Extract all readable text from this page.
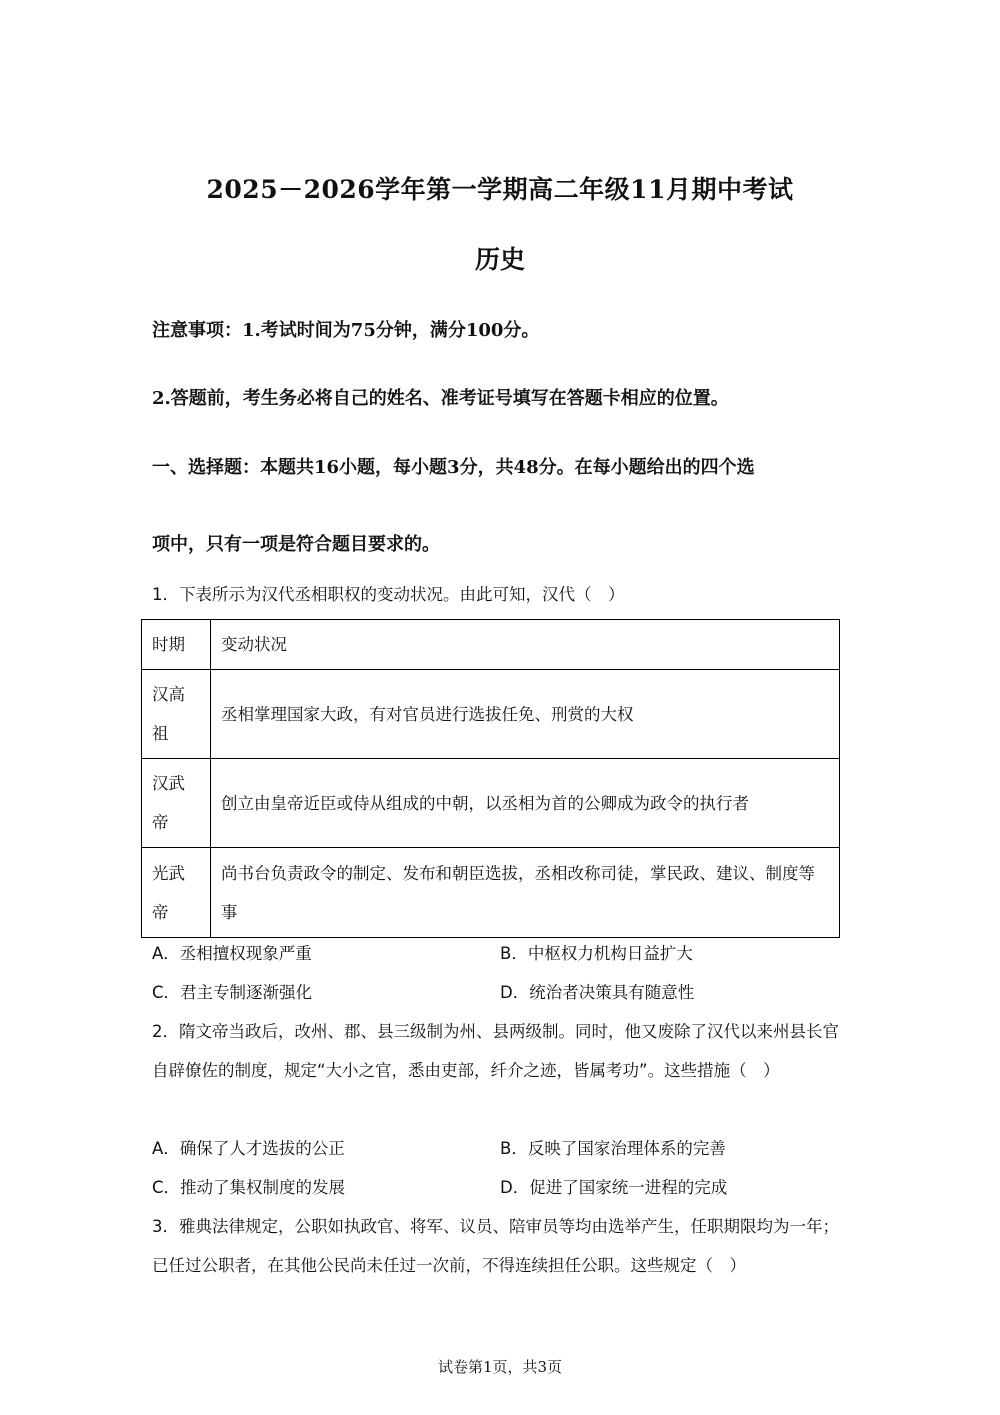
2025－2026学年第一学期高二年级11月期中考试
历史
注意事项：1.考试时间为75分钟，满分100分。
2.答题前，考生务必将自己的姓名、准考证号填写在答题卡相应的位置。
一、选择题：本题共16小题，每小题3分，共48分。在每小题给出的四个选
项中，只有一项是符合题目要求的。

1．下表所示为汉代丞相职权的变动状况。由此可知，汉代（　）

时期	变动状况
汉高祖	丞相掌理国家大政，有对官员进行选拔任免、刑赏的大权
汉武帝	创立由皇帝近臣或侍从组成的中朝，以丞相为首的公卿成为政令的执行者
光武帝	尚书台负责政令的制定、发布和朝臣选拔，丞相改称司徒，掌民政、建议、制度等事
A．丞相擅权现象严重	B．中枢权力机构日益扩大
C．君主专制逐渐强化	D．统治者决策具有随意性

2．隋文帝当政后，改州、郡、县三级制为州、县两级制。同时，他又废除了汉代以来州县长官自辟僚佐的制度，规定“大小之官，悉由吏部，纤介之迹，皆属考功”。这些措施（　）

A．确保了人才选拔的公正	B．反映了国家治理体系的完善
C．推动了集权制度的发展	D．促进了国家统一进程的完成

3．雅典法律规定，公职如执政官、将军、议员、陪审员等均由选举产生，任职期限均为一年；已任过公职者，在其他公民尚未任过一次前，不得连续担任公职。这些规定（　）

试卷第1页，共3页
